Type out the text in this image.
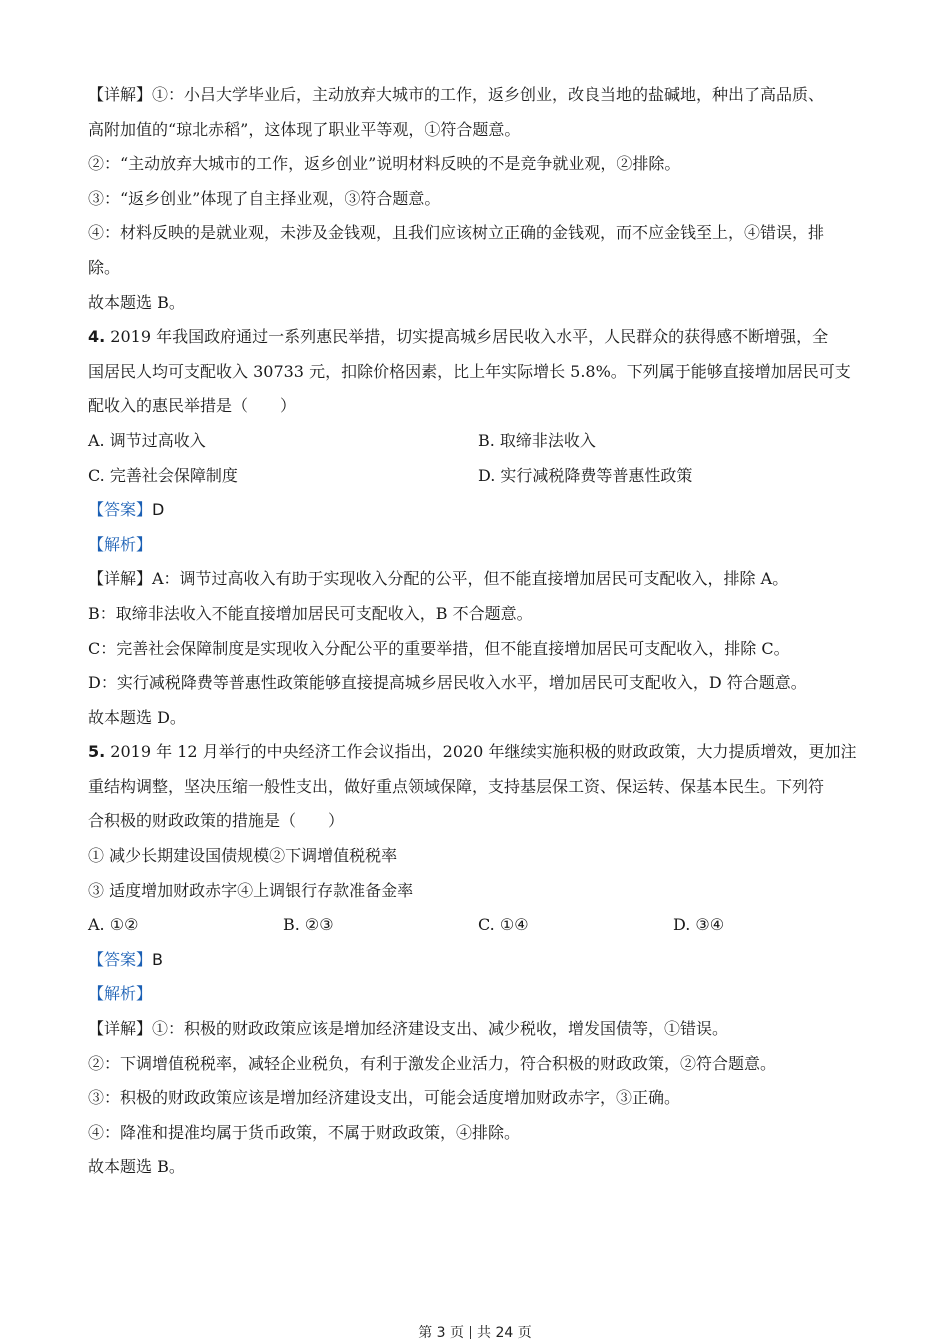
【详解】①：小吕大学毕业后，主动放弃大城市的工作，返乡创业，改良当地的盐碱地，种出了高品质、
高附加值的“琼北赤稻”，这体现了职业平等观，①符合题意。
②：“主动放弃大城市的工作，返乡创业”说明材料反映的不是竞争就业观，②排除。
③：“返乡创业”体现了自主择业观，③符合题意。
④：材料反映的是就业观，未涉及金钱观，且我们应该树立正确的金钱观，而不应金钱至上，④错误，排
除。
故本题选 B。
4. 2019 年我国政府通过一系列惠民举措，切实提高城乡居民收入水平，人民群众的获得感不断增强，全
国居民人均可支配收入 30733 元，扣除价格因素，比上年实际增长 5.8%。下列属于能够直接增加居民可支
配收入的惠民举措是（　　）
A. 调节过高收入	B. 取缔非法收入
C. 完善社会保障制度	D. 实行减税降费等普惠性政策
【答案】D
【解析】
【详解】A：调节过高收入有助于实现收入分配的公平，但不能直接增加居民可支配收入，排除 A。
B：取缔非法收入不能直接增加居民可支配收入，B 不合题意。
C：完善社会保障制度是实现收入分配公平的重要举措，但不能直接增加居民可支配收入，排除 C。
D：实行减税降费等普惠性政策能够直接提高城乡居民收入水平，增加居民可支配收入，D 符合题意。
故本题选 D。
5. 2019 年 12 月举行的中央经济工作会议指出，2020 年继续实施积极的财政政策，大力提质增效，更加注
重结构调整，坚决压缩一般性支出，做好重点领域保障，支持基层保工资、保运转、保基本民生。下列符
合积极的财政政策的措施是（　　）
① 减少长期建设国债规模②下调增值税税率
③ 适度增加财政赤字④上调银行存款准备金率
A. ①②	B. ②③	C. ①④	D. ③④
【答案】B
【解析】
【详解】①：积极的财政政策应该是增加经济建设支出、减少税收，增发国债等，①错误。
②：下调增值税税率，减轻企业税负，有利于激发企业活力，符合积极的财政政策，②符合题意。
③：积极的财政政策应该是增加经济建设支出，可能会适度增加财政赤字，③正确。
④：降准和提准均属于货币政策，不属于财政政策，④排除。
故本题选 B。
第 3 页 共 24 页
